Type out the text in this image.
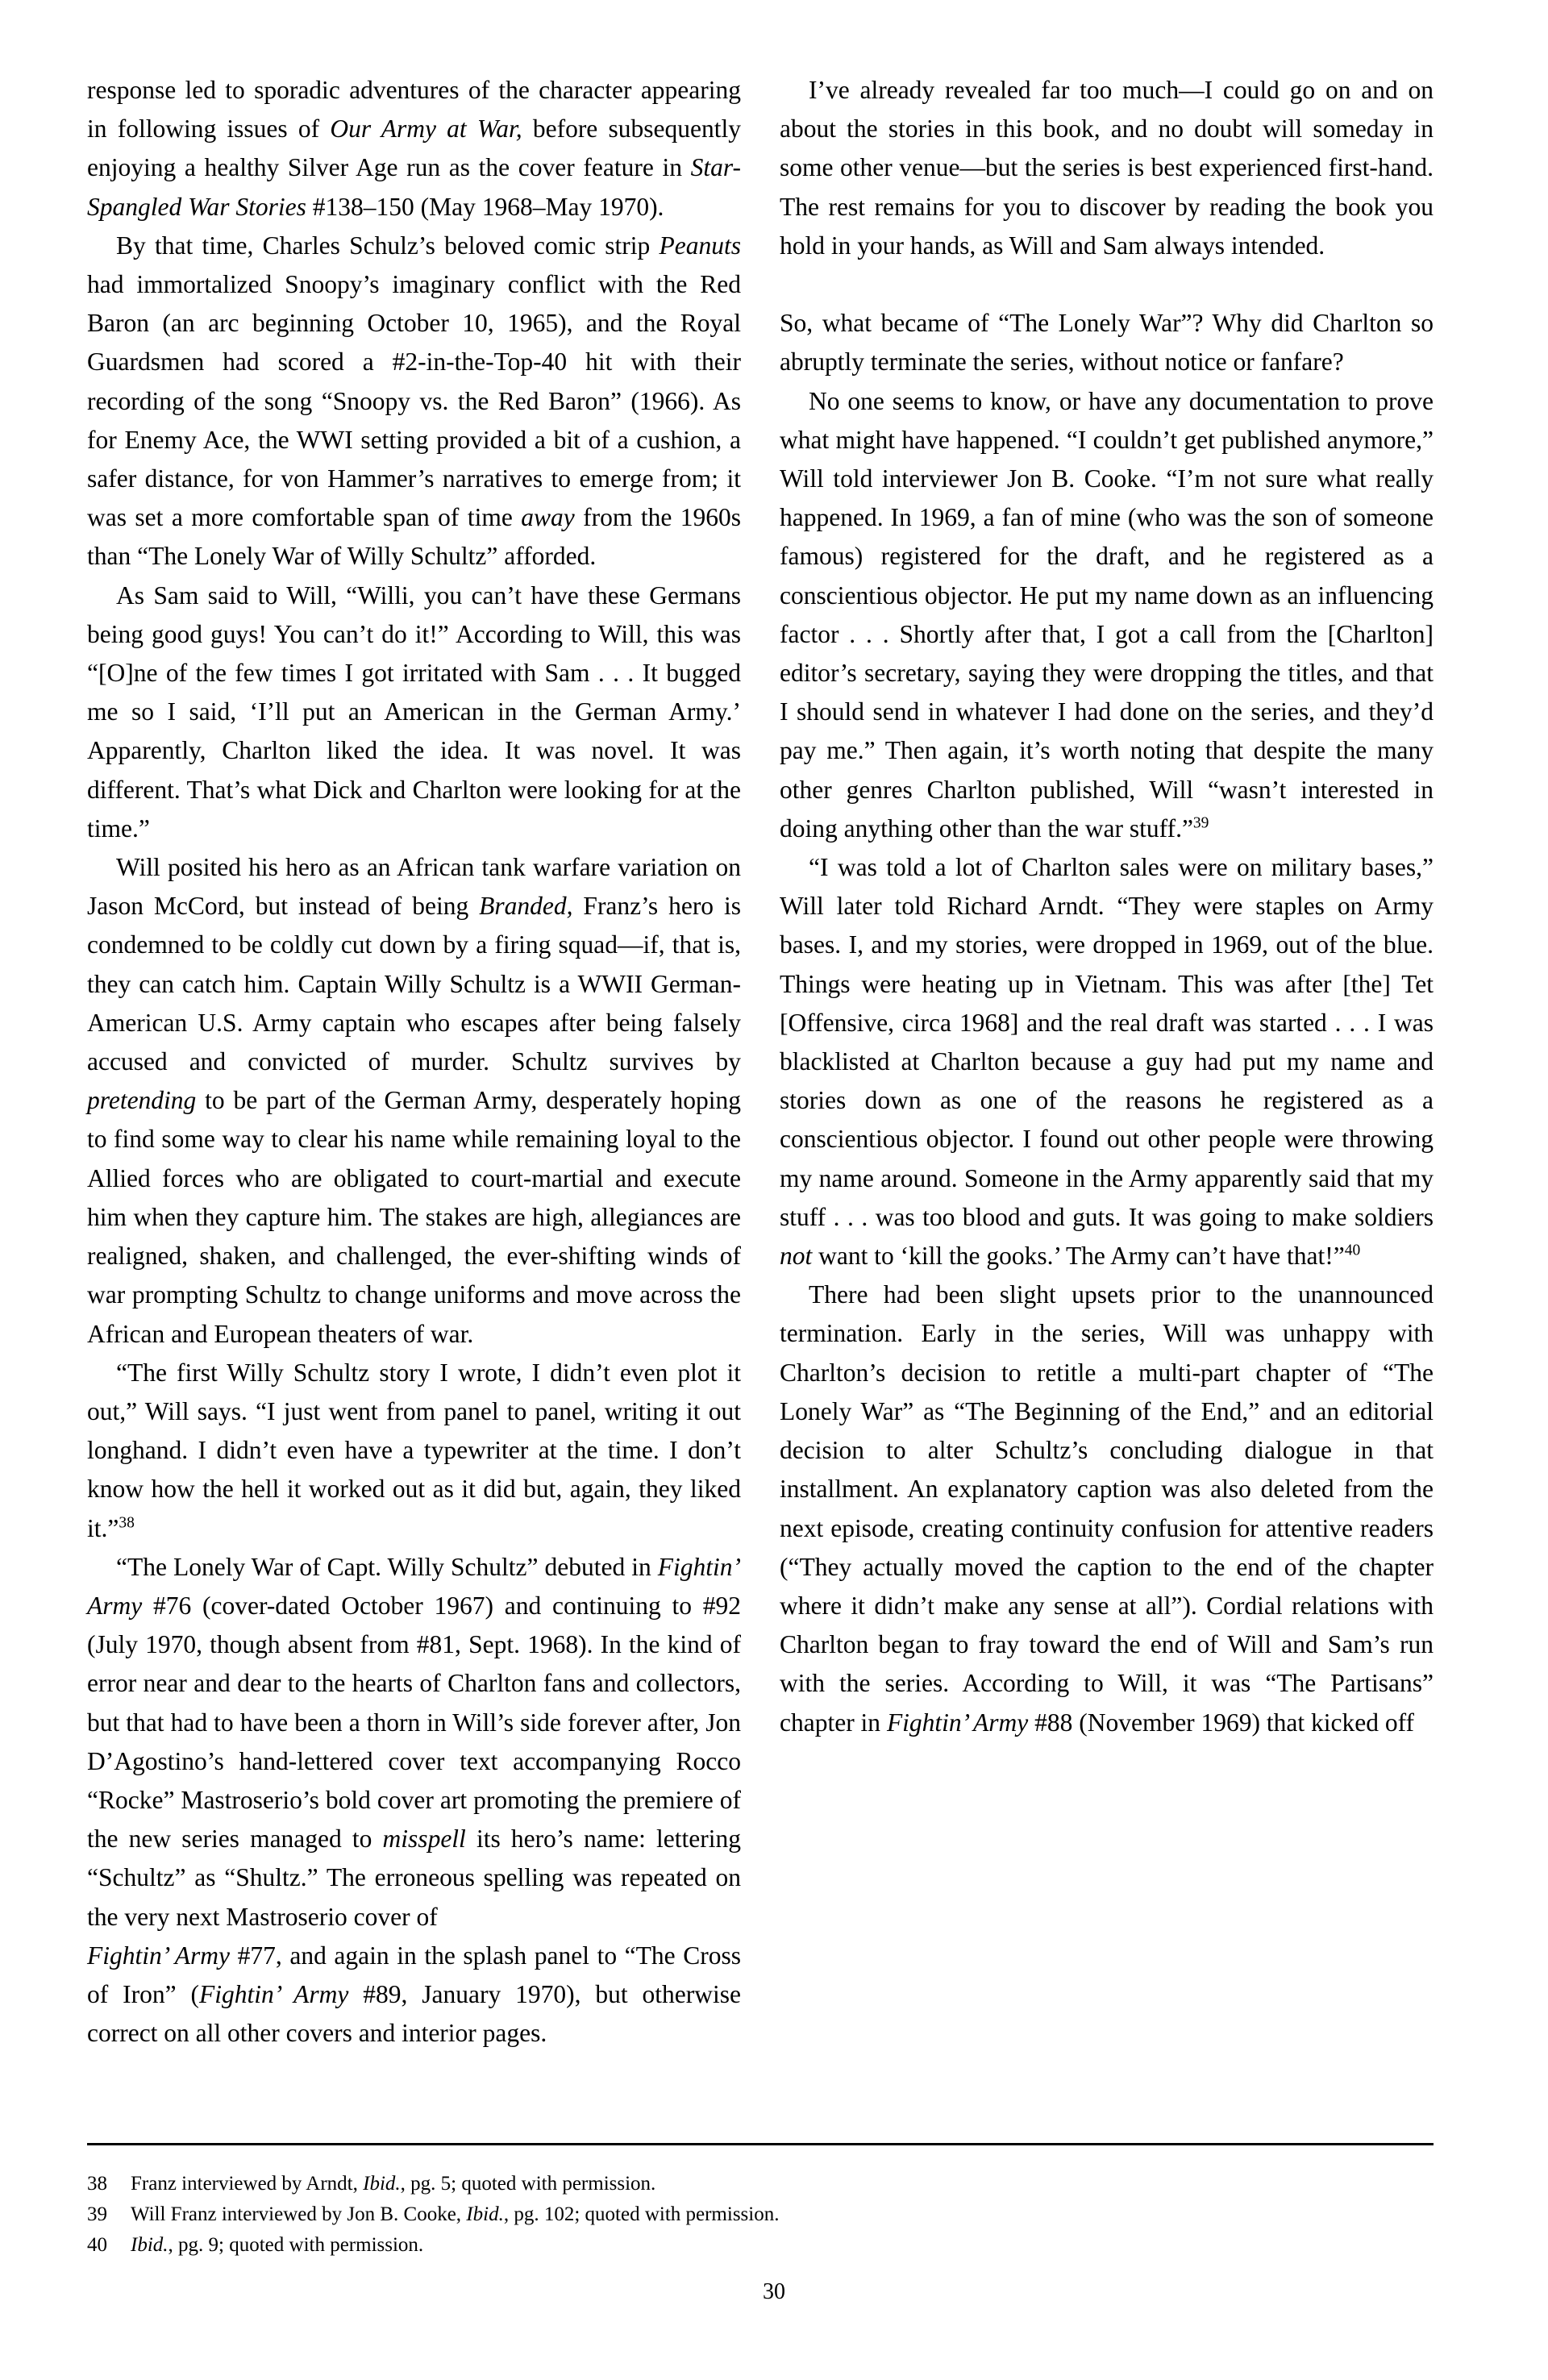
response led to sporadic adventures of the character appearing in following issues of Our Army at War, before subsequently enjoying a healthy Silver Age run as the cover feature in Star-Spangled War Stories #138–150 (May 1968–May 1970).

By that time, Charles Schulz’s beloved comic strip Peanuts had immortalized Snoopy’s imaginary conflict with the Red Baron (an arc beginning October 10, 1965), and the Royal Guardsmen had scored a #2-in-the-Top-40 hit with their recording of the song “Snoopy vs. the Red Baron” (1966). As for Enemy Ace, the WWI setting provided a bit of a cushion, a safer distance, for von Hammer’s narratives to emerge from; it was set a more comfortable span of time away from the 1960s than “The Lonely War of Willy Schultz” afforded.

As Sam said to Will, “Willi, you can’t have these Germans being good guys! You can’t do it!” According to Will, this was “[O]ne of the few times I got irritated with Sam . . . It bugged me so I said, ‘I’ll put an American in the German Army.’ Apparently, Charlton liked the idea. It was novel. It was different. That’s what Dick and Charlton were looking for at the time.”

Will posited his hero as an African tank warfare variation on Jason McCord, but instead of being Branded, Franz’s hero is condemned to be coldly cut down by a firing squad—if, that is, they can catch him. Captain Willy Schultz is a WWII German-American U.S. Army captain who escapes after being falsely accused and convicted of murder. Schultz survives by pretending to be part of the German Army, desperately hoping to find some way to clear his name while remaining loyal to the Allied forces who are obligated to court-martial and execute him when they capture him. The stakes are high, allegiances are realigned, shaken, and challenged, the ever-shifting winds of war prompting Schultz to change uniforms and move across the African and European theaters of war.

“The first Willy Schultz story I wrote, I didn’t even plot it out,” Will says. “I just went from panel to panel, writing it out longhand. I didn’t even have a typewriter at the time. I don’t know how the hell it worked out as it did but, again, they liked it.”$^{38}$

“The Lonely War of Capt. Willy Schultz” debuted in Fightin’ Army #76 (cover-dated October 1967) and continuing to #92 (July 1970, though absent from #81, Sept. 1968). In the kind of error near and dear to the hearts of Charlton fans and collectors, but that had to have been a thorn in Will’s side forever after, Jon D’Agostino’s hand-lettered cover text accompanying Rocco “Rocke” Mastroserio’s bold cover art promoting the premiere of the new series managed to misspell its hero’s name: lettering “Schultz” as “Shultz.” The erroneous spelling was repeated on the very next Mastroserio cover of

Fightin’ Army #77, and again in the splash panel to “The Cross of Iron” (Fightin’ Army #89, January 1970), but otherwise correct on all other covers and interior pages.

I’ve already revealed far too much—I could go on and on about the stories in this book, and no doubt will someday in some other venue—but the series is best experienced first-hand. The rest remains for you to discover by reading the book you hold in your hands, as Will and Sam always intended.

So, what became of “The Lonely War”? Why did Charlton so abruptly terminate the series, without notice or fanfare?

No one seems to know, or have any documentation to prove what might have happened. “I couldn’t get published anymore,” Will told interviewer Jon B. Cooke. “I’m not sure what really happened. In 1969, a fan of mine (who was the son of someone famous) registered for the draft, and he registered as a conscientious objector. He put my name down as an influencing factor . . . Shortly after that, I got a call from the [Charlton] editor’s secretary, saying they were dropping the titles, and that I should send in whatever I had done on the series, and they’d pay me.” Then again, it’s worth noting that despite the many other genres Charlton published, Will “wasn’t interested in doing anything other than the war stuff.”$^{39}$

“I was told a lot of Charlton sales were on military bases,” Will later told Richard Arndt. “They were staples on Army bases. I, and my stories, were dropped in 1969, out of the blue. Things were heating up in Vietnam. This was after [the] Tet [Offensive, circa 1968] and the real draft was started . . . I was blacklisted at Charlton because a guy had put my name and stories down as one of the reasons he registered as a conscientious objector. I found out other people were throwing my name around. Someone in the Army apparently said that my stuff . . . was too blood and guts. It was going to make soldiers not want to ‘kill the gooks.’ The Army can’t have that!”$^{40}$

There had been slight upsets prior to the unannounced termination. Early in the series, Will was unhappy with Charlton’s decision to retitle a multi-part chapter of “The Lonely War” as “The Beginning of the End,” and an editorial decision to alter Schultz’s concluding dialogue in that installment. An explanatory caption was also deleted from the next episode, creating continuity confusion for attentive readers (“They actually moved the caption to the end of the chapter where it didn’t make any sense at all”). Cordial relations with Charlton began to fray toward the end of Will and Sam’s run with the series. According to Will, it was “The Partisans” chapter in Fightin’ Army #88 (November 1969) that kicked off

38	Franz interviewed by Arndt, Ibid., pg. 5; quoted with permission.
39	Will Franz interviewed by Jon B. Cooke, Ibid., pg. 102; quoted with permission.
40	Ibid., pg. 9; quoted with permission.
30
